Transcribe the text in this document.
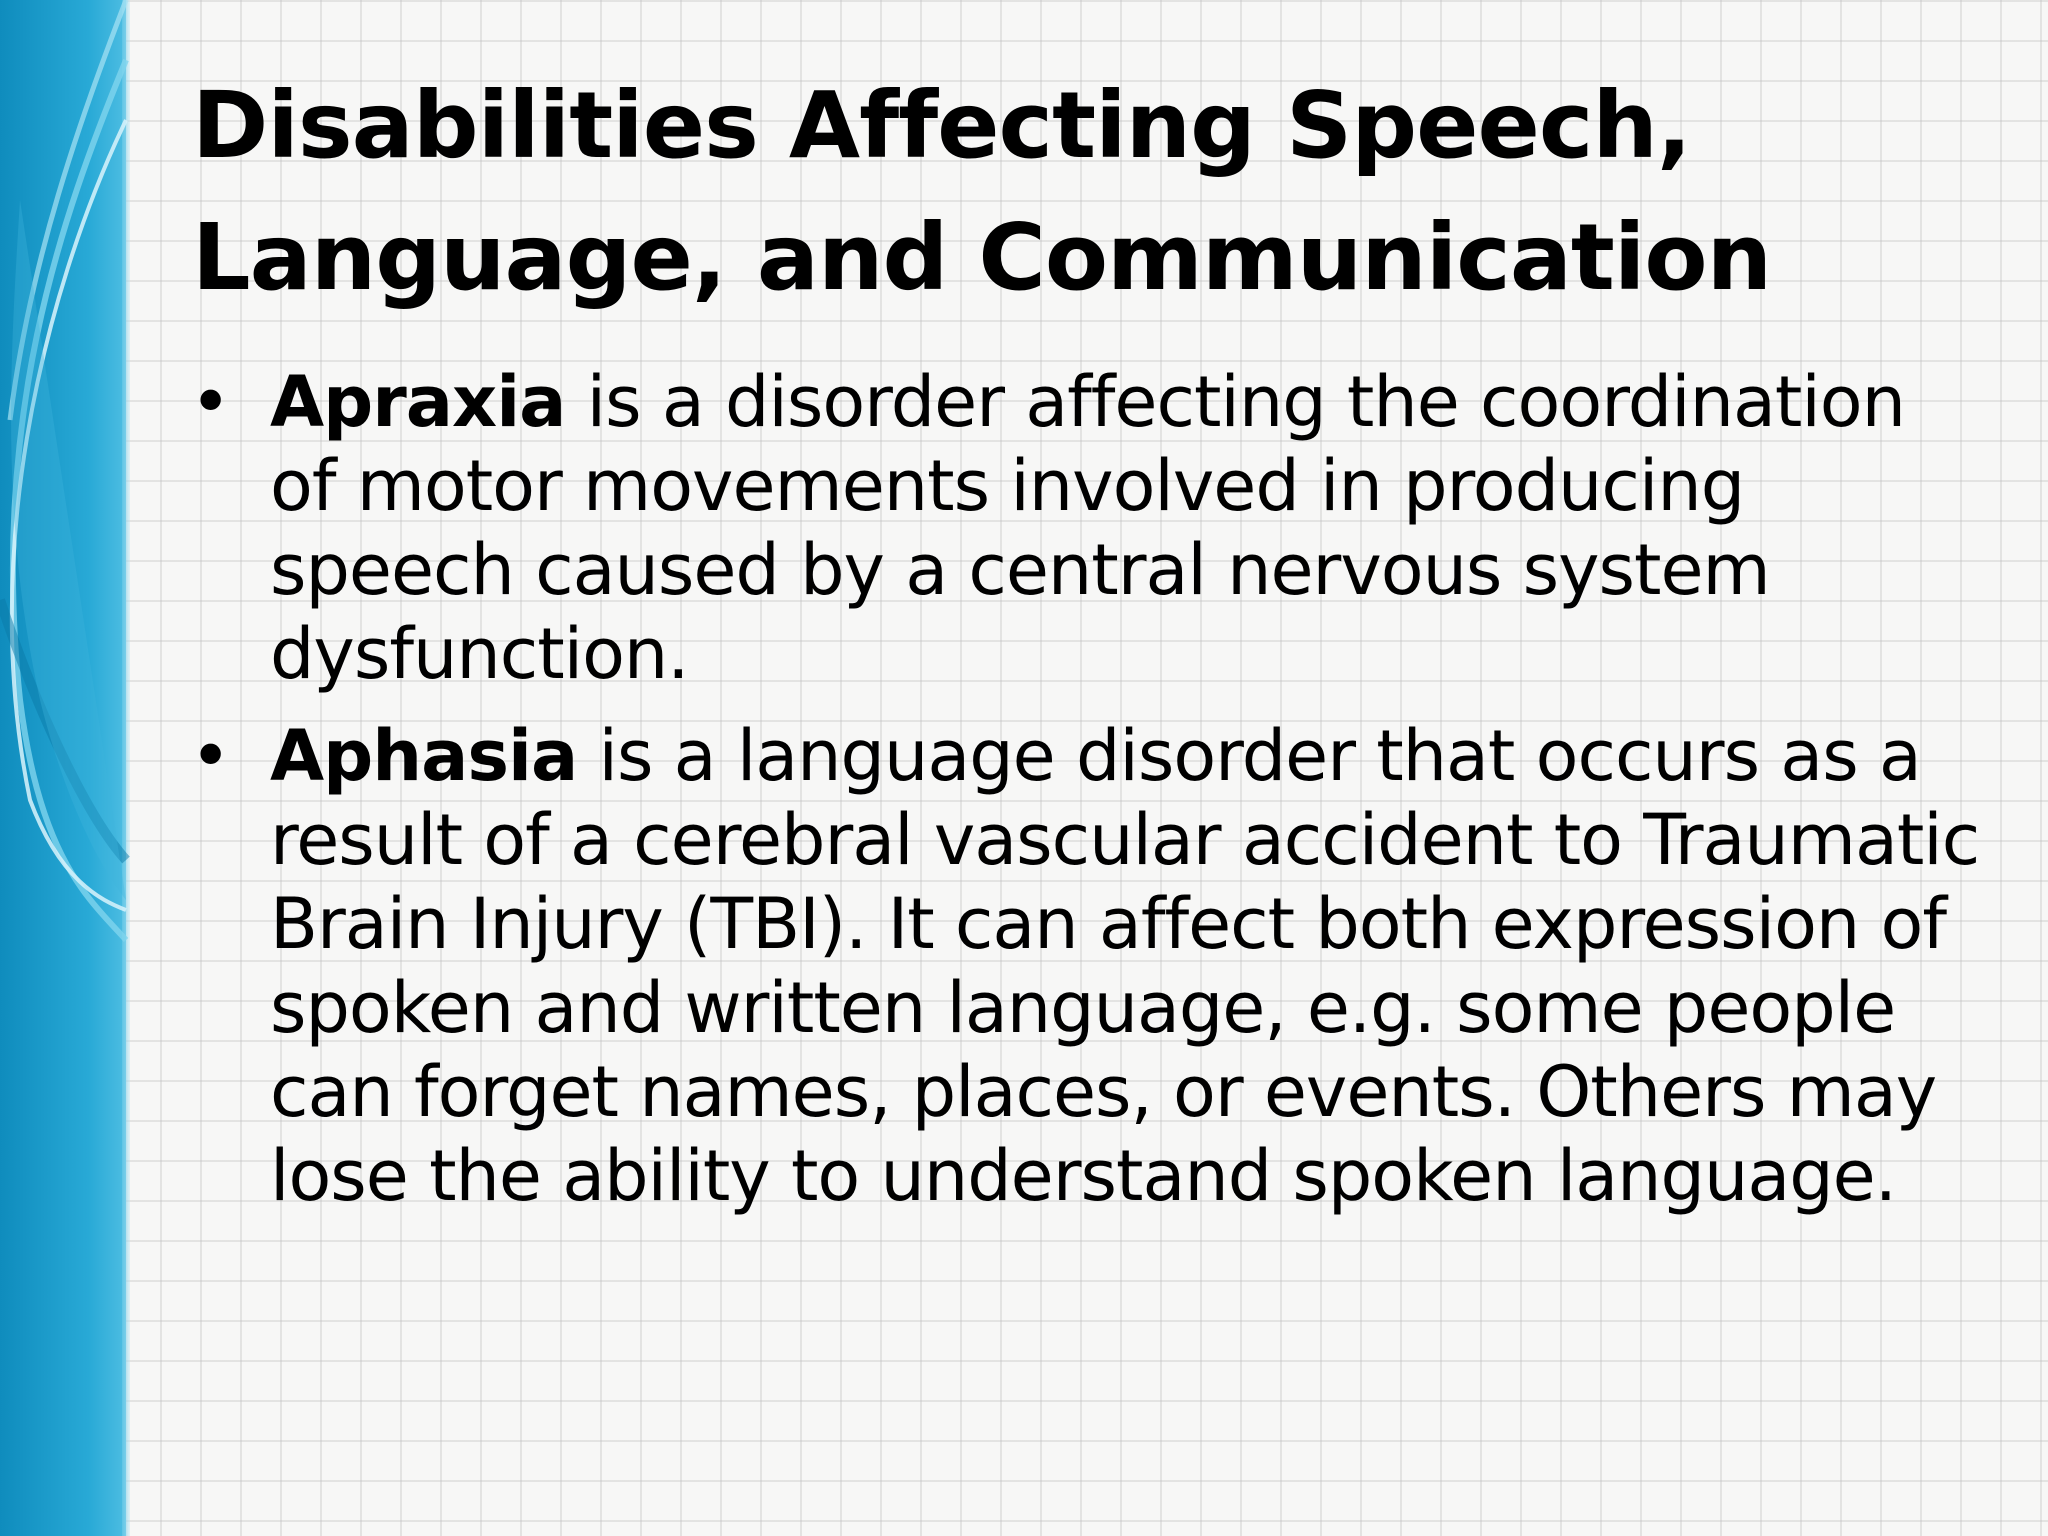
Disabilities Affecting Speech, Language, and Communication
• Apraxia is a disorder affecting the coordination of motor movements involved in producing speech caused by a central nervous system dysfunction.
• Aphasia is a language disorder that occurs as a result of a cerebral vascular accident to Traumatic Brain Injury (TBI). It can affect both expression of spoken and written language, e.g. some people can forget names, places, or events. Others may lose the ability to understand spoken language.
